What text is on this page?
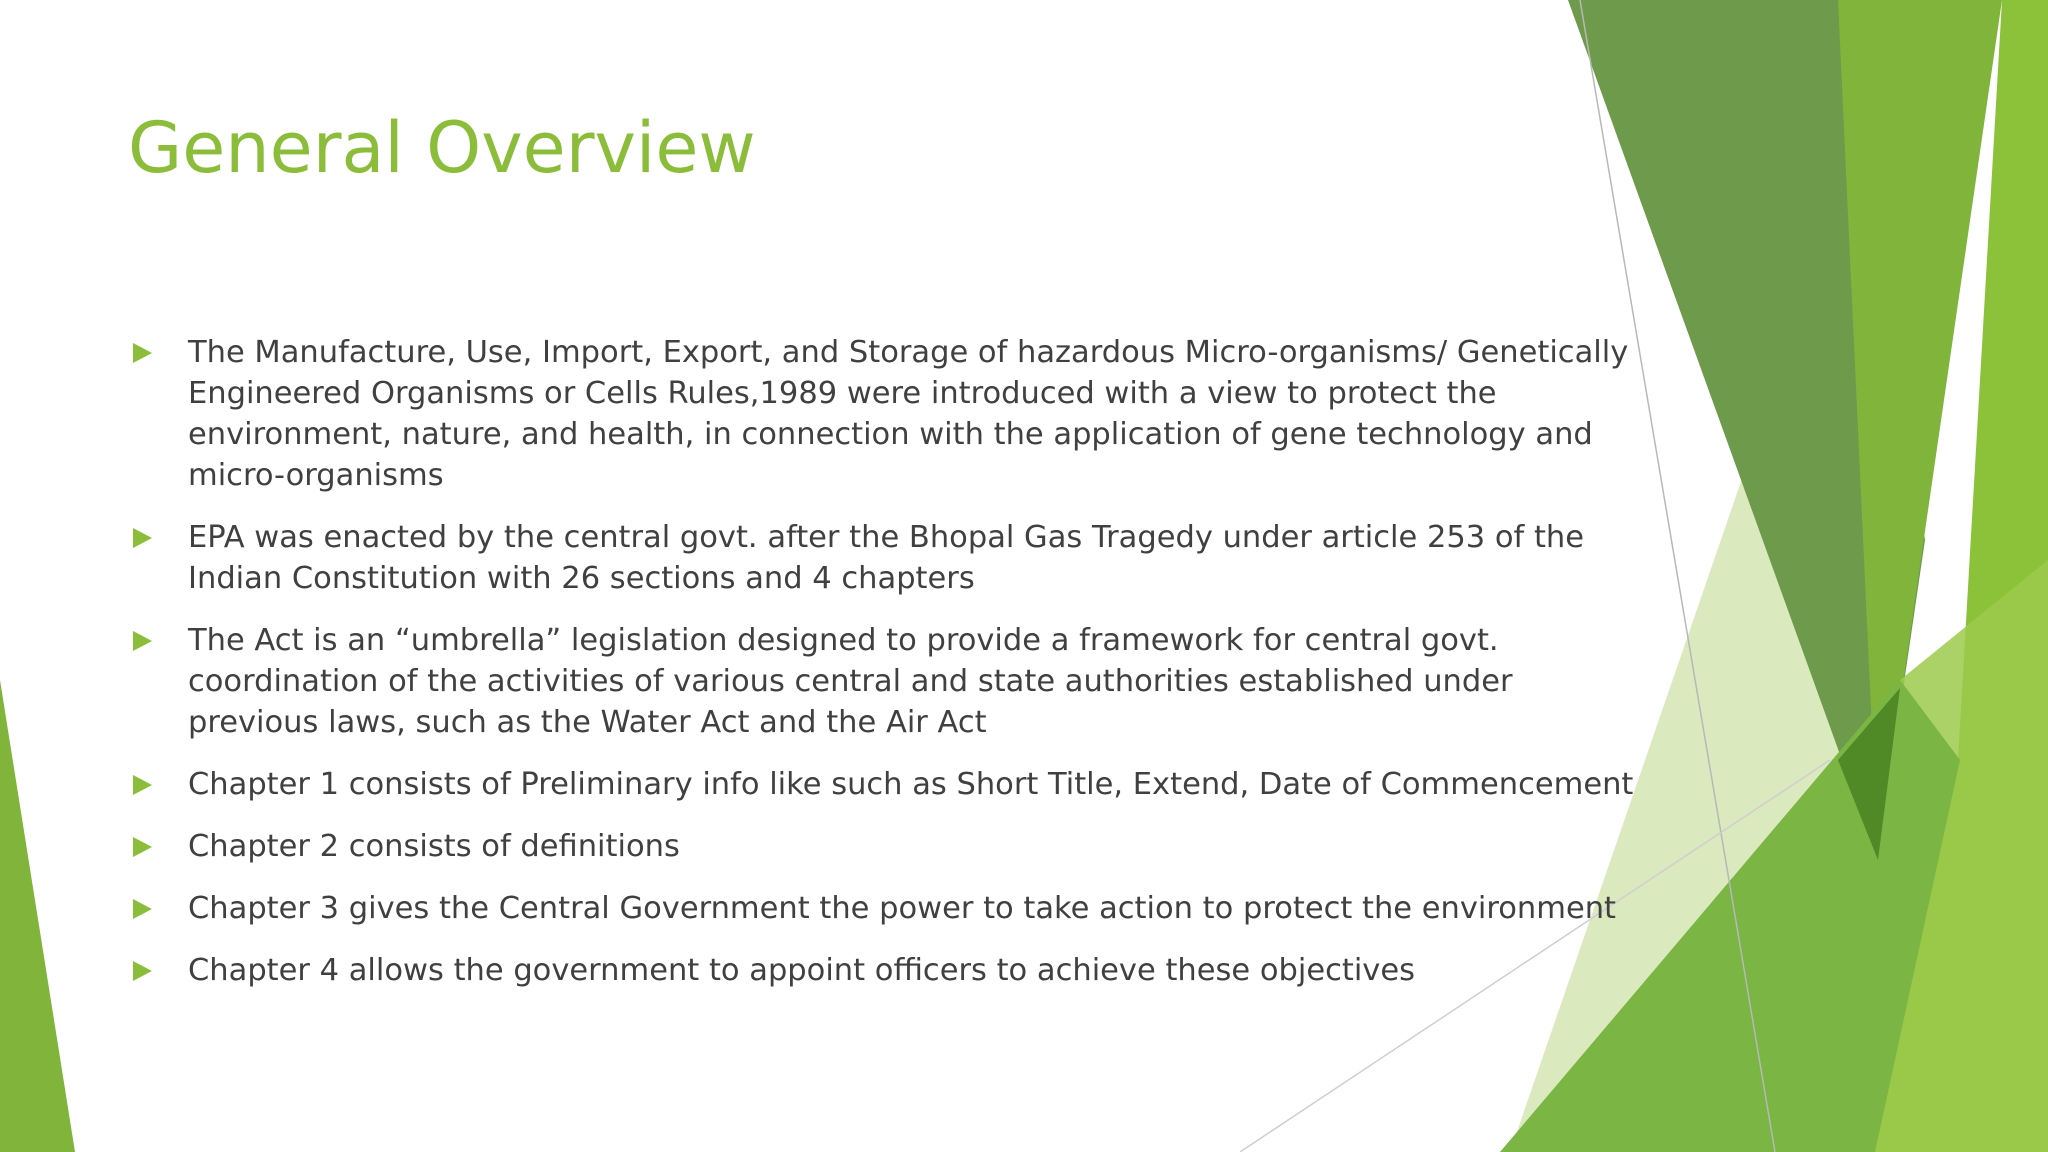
General Overview
The Manufacture, Use, Import, Export, and Storage of hazardous Micro-organisms/ Genetically Engineered Organisms or Cells Rules,1989 were introduced with a view to protect the environment, nature, and health, in connection with the application of gene technology and micro-organisms
EPA was enacted by the central govt. after the Bhopal Gas Tragedy under article 253 of the Indian Constitution with 26 sections and 4 chapters
The Act is an “umbrella” legislation designed to provide a framework for central govt. coordination of the activities of various central and state authorities established under previous laws, such as the Water Act and the Air Act
Chapter 1 consists of Preliminary info like such as Short Title, Extend, Date of Commencement
Chapter 2 consists of definitions
Chapter 3 gives the Central Government the power to take action to protect the environment
Chapter 4 allows the government to appoint officers to achieve these objectives
